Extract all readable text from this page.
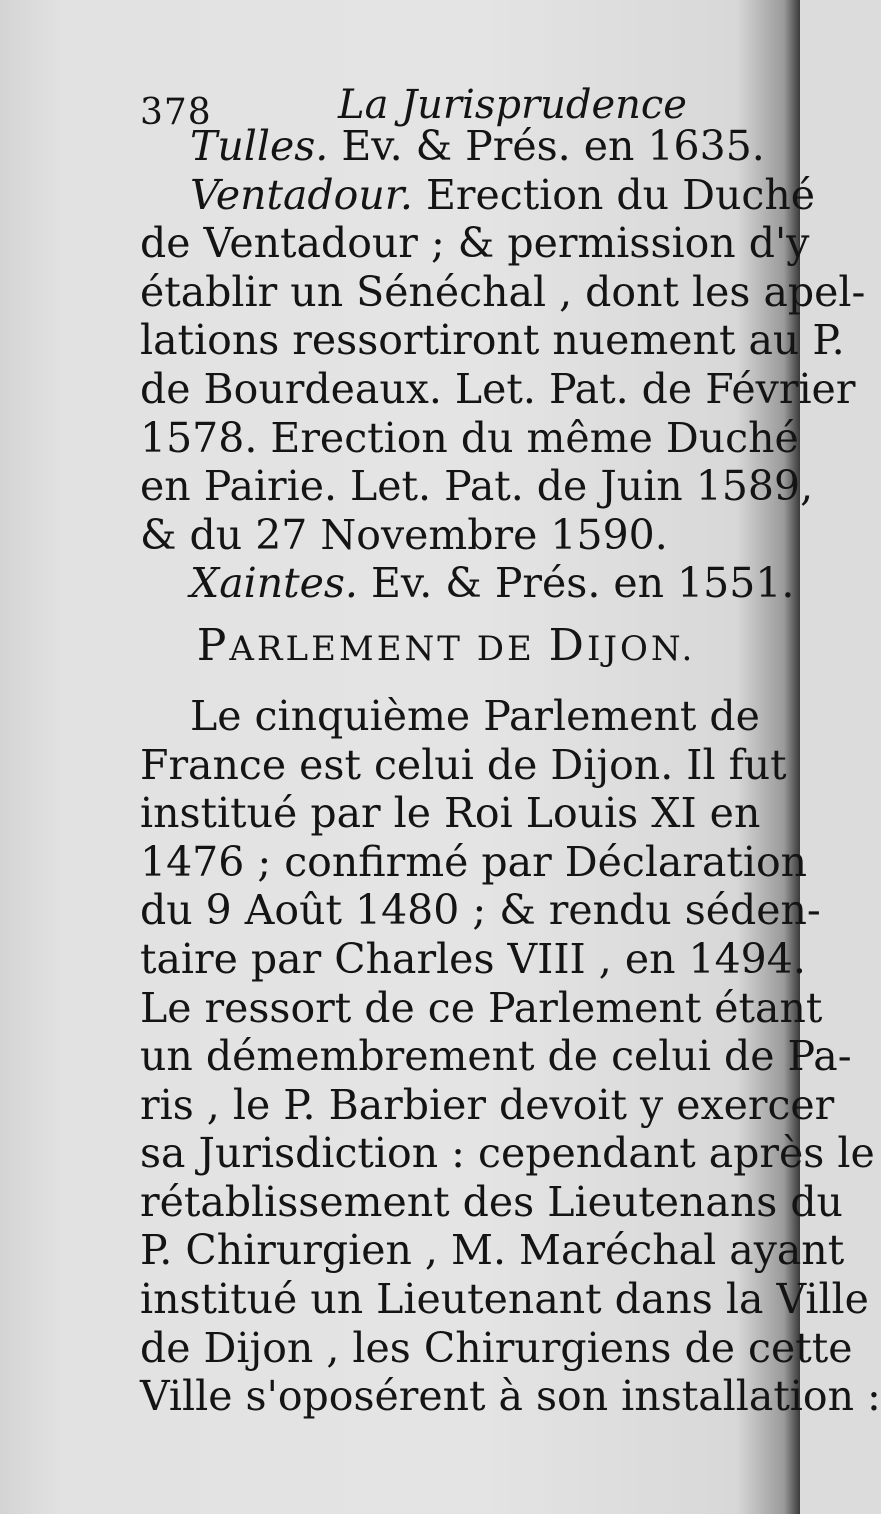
378	La Jurisprudence
Tulles. Ev. & Prés. en 1635.
Ventadour. Erection du Duché
de Ventadour ; & permission d'y
établir un Sénéchal , dont les apel-
lations ressortiront nuement au P.
de Bourdeaux. Let. Pat. de Février
1578. Erection du même Duché
en Pairie. Let. Pat. de Juin 1589,
& du 27 Novembre 1590.
Xaintes. Ev. & Prés. en 1551.
PARLEMENT DE DIJON.
Le cinquième Parlement de
France est celui de Dijon. Il fut
institué par le Roi Louis XI en
1476 ; confirmé par Déclaration
du 9 Août 1480 ; & rendu séden-
taire par Charles VIII , en 1494.
Le ressort de ce Parlement étant
un démembrement de celui de Pa-
ris , le P. Barbier devoit y exercer
sa Jurisdiction : cependant après le
rétablissement des Lieutenans du
P. Chirurgien , M. Maréchal ayant
institué un Lieutenant dans la Ville
de Dijon , les Chirurgiens de cette
Ville s'oposérent à son installation :
